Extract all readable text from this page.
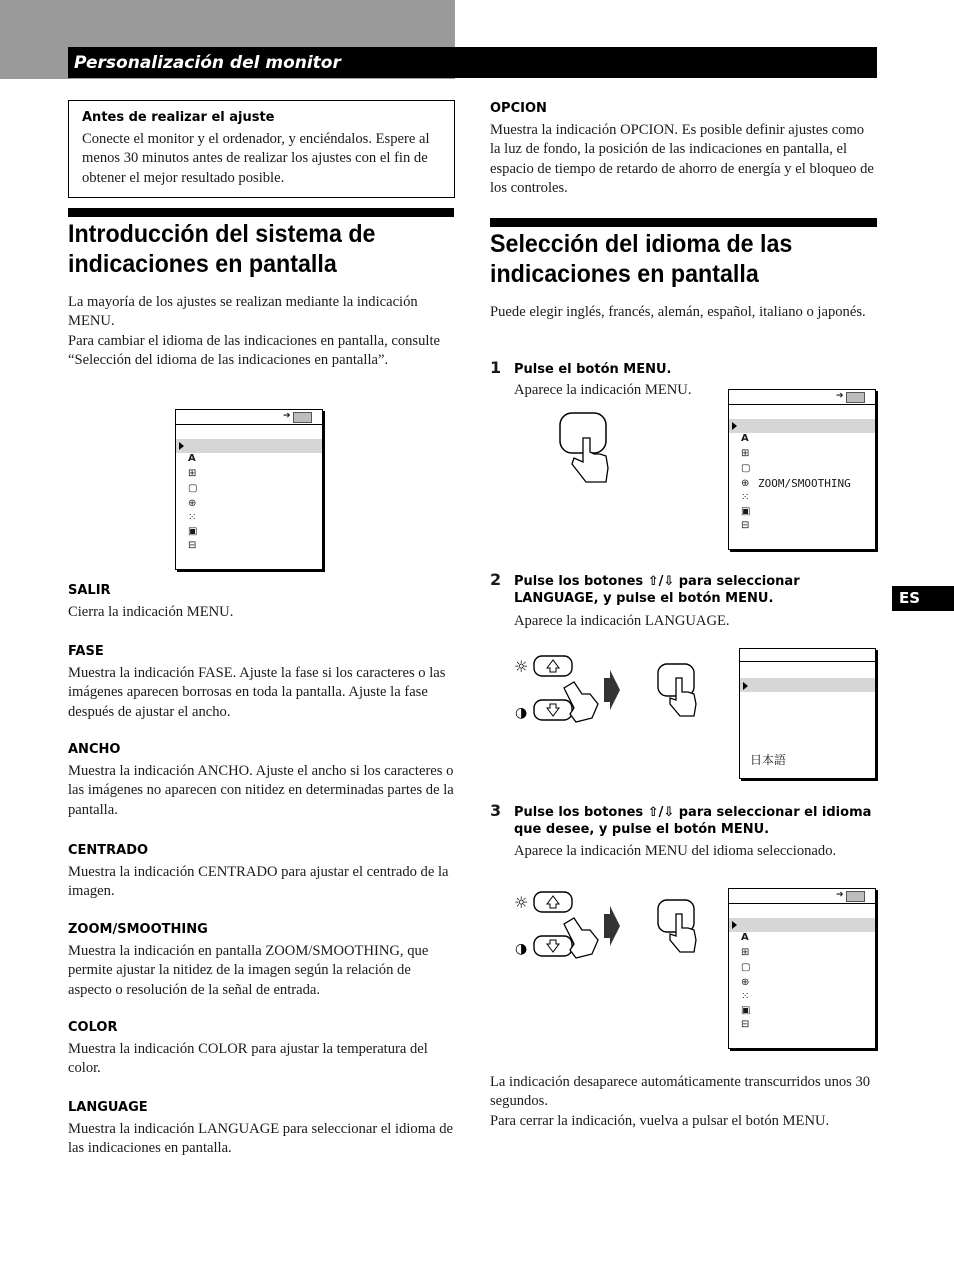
Personalización del monitor
Antes de realizar el ajuste
Conecte el monitor y el ordenador, y enciéndalos. Espere al menos 30 minutos antes de realizar los ajustes con el fin de obtener el mejor resultado posible.
Introducción del sistema de indicaciones en pantalla
La mayoría de los ajustes se realizan mediante la indicación MENU.
Para cambiar el idioma de las indicaciones en pantalla, consulte “Selección del idioma de las indicaciones en pantalla”.
➔
A
⊞
▢
⊕
⁙
▣
⊟
SALIR
Cierra la indicación MENU.
FASE
Muestra la indicación FASE. Ajuste la fase si los caracteres o las imágenes aparecen borrosas en toda la pantalla. Ajuste la fase después de ajustar el ancho.
ANCHO
Muestra la indicación ANCHO. Ajuste el ancho si los caracteres o las imágenes no aparecen con nitidez en determinadas partes de la pantalla.
CENTRADO
Muestra la indicación CENTRADO para ajustar el centrado de la imagen.
ZOOM/SMOOTHING
Muestra la indicación en pantalla ZOOM/SMOOTHING, que permite ajustar la nitidez de la imagen según la relación de aspecto o resolución de la señal de entrada.
COLOR
Muestra la indicación COLOR para ajustar la temperatura del color.
LANGUAGE
Muestra la indicación LANGUAGE para seleccionar el idioma de las indicaciones en pantalla.
OPCION
Muestra la indicación OPCION. Es posible definir ajustes como la luz de fondo, la posición de las indicaciones en pantalla, el espacio de tiempo de retardo de ahorro de energía y el bloqueo de los controles.
Selección del idioma de las indicaciones en pantalla
Puede elegir inglés, francés, alemán, español, italiano o japonés.
1 Pulse el botón MENU.
Aparece la indicación MENU.	➔
A
⊞
▢
⊕ ZOOM/SMOOTHING
⁙
▣
⊟
2 Pulse los botones ⇧/⇩ para seleccionar LANGUAGE, y pulse el botón MENU.
Aparece la indicación LANGUAGE.
☼
◑
日本語
ES
3 Pulse los botones ⇧/⇩ para seleccionar el idioma que desee, y pulse el botón MENU.
Aparece la indicación MENU del idioma seleccionado.
☼
◑
➔
A
⊞
▢
⊕
⁙
▣
⊟
La indicación desaparece automáticamente transcurridos unos 30 segundos.
Para cerrar la indicación, vuelva a pulsar el botón MENU.
